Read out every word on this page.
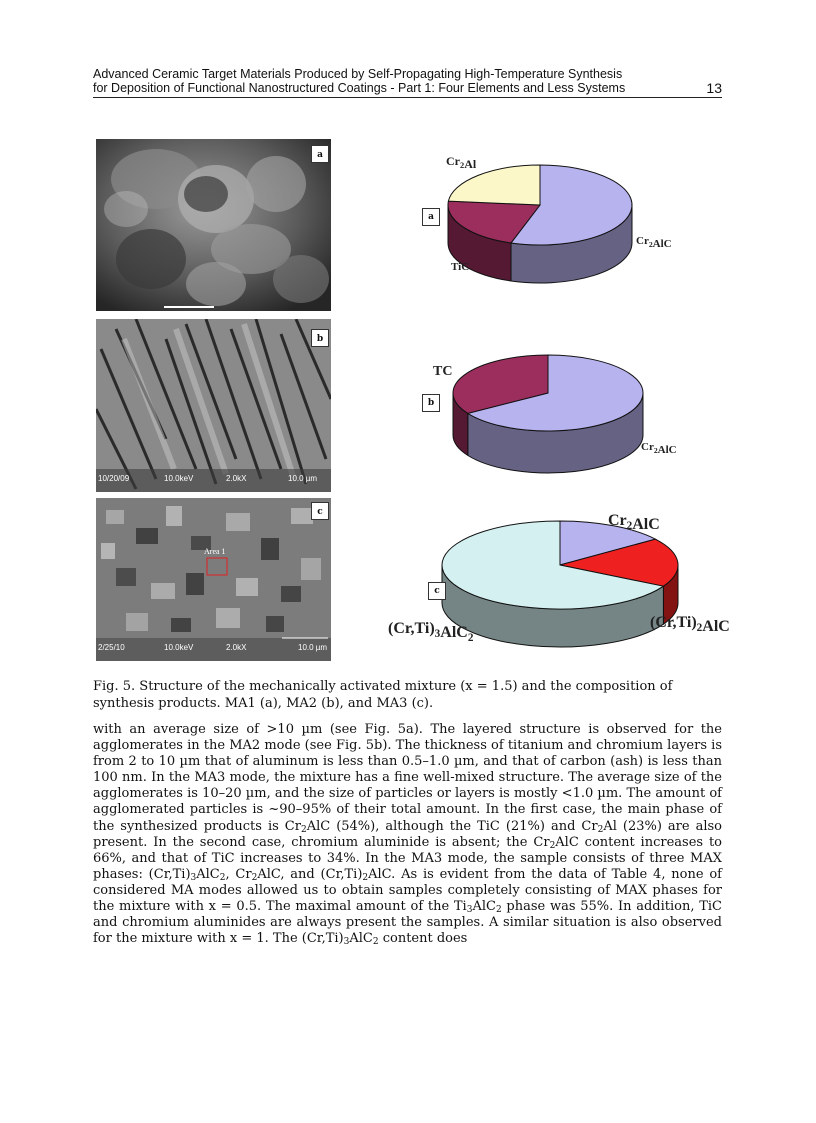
Advanced Ceramic Target Materials Produced by Self-Propagating High-Temperature Synthesis
for Deposition of Functional Nanostructured Coatings - Part 1: Four Elements and Less Systems	13
a
10/20/09	10.0keV	2.0kX	10.0 µm
b
Area 1
2/25/10	10.0keV	2.0kX	10.0 µm
c
$Cr_2Al$
$Cr_2AlC$
TiC
a
TC
$Cr_2AlC$
b
$Cr_2AlC$
$(Cr,Ti)_2AlC$
$(Cr,Ti)_3AlC_2$
c
Fig. 5. Structure of the mechanically activated mixture (x = 1.5) and the composition of synthesis products. MA1 (a), MA2 (b), and MA3 (c).
with an average size of >10 µm (see Fig. 5a). The layered structure is observed for the agglomerates in the MA2 mode (see Fig. 5b). The thickness of titanium and chromium layers is from 2 to 10 µm that of aluminum is less than 0.5–1.0 µm, and that of carbon (ash) is less than 100 nm. In the MA3 mode, the mixture has a fine well-mixed structure. The average size of the agglomerates is 10–20 µm, and the size of particles or layers is mostly <1.0 µm. The amount of agglomerated particles is ~90–95% of their total amount. In the first case, the main phase of the synthesized products is $Cr_2AlC$ (54%), although the TiC (21%) and $Cr_2Al$ (23%) are also present. In the second case, chromium aluminide is absent; the $Cr_2AlC$ content increases to 66%, and that of TiC increases to 34%. In the MA3 mode, the sample consists of three MAX phases: $(Cr,Ti)_3AlC_2$, $Cr_2AlC$, and $(Cr,Ti)_2AlC$. As is evident from the data of Table 4, none of considered MA modes allowed us to obtain samples completely consisting of MAX phases for the mixture with x = 0.5. The maximal amount of the $Ti_3AlC_2$ phase was 55%. In addition, TiC and chromium aluminides are always present the samples. A similar situation is also observed for the mixture with x = 1. The $(Cr,Ti)_3AlC_2$ content does
